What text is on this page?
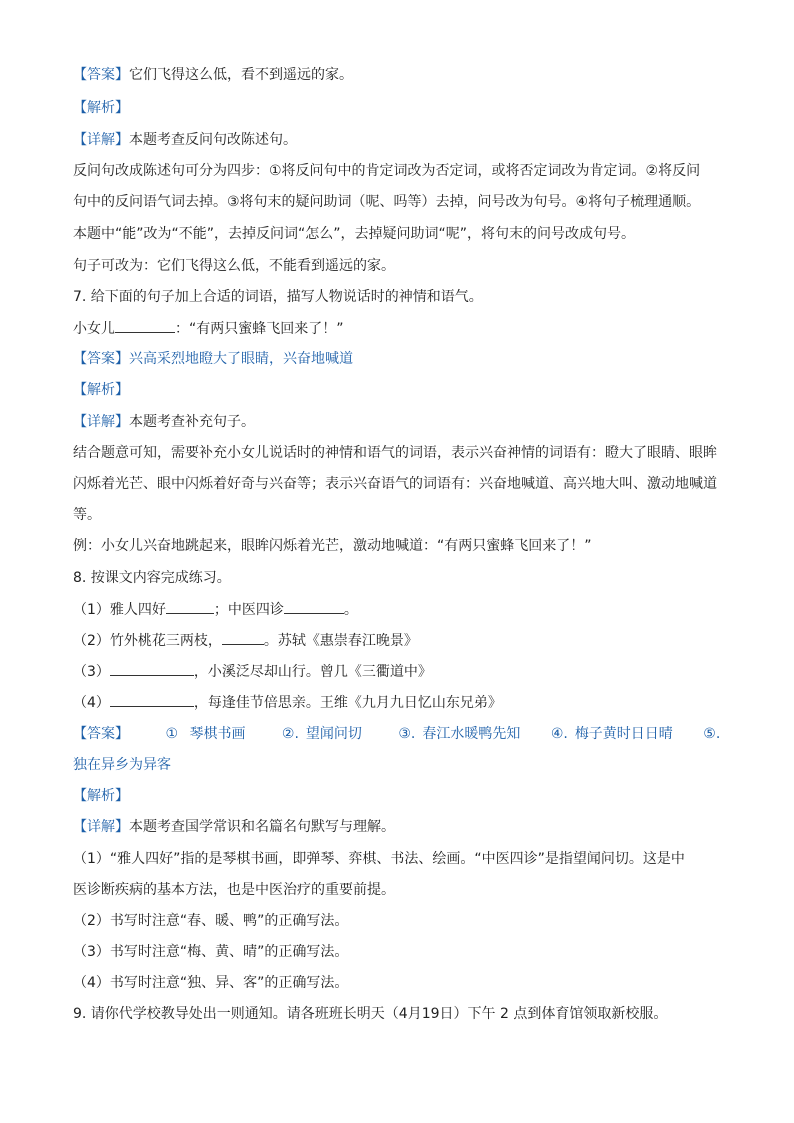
【答案】它们飞得这么低，看不到遥远的家。
【解析】
【详解】本题考查反问句改陈述句。
反问句改成陈述句可分为四步：①将反问句中的肯定词改为否定词，或将否定词改为肯定词。②将反问
句中的反问语气词去掉。③将句末的疑问助词（呢、吗等）去掉，问号改为句号。④将句子梳理通顺。
本题中“能”改为“不能”，去掉反问词“怎么”，去掉疑问助词“呢”，将句末的问号改成句号。
句子可改为：它们飞得这么低，不能看到遥远的家。
7. 给下面的句子加上合适的词语，描写人物说话时的神情和语气。
小女儿	：“有两只蜜蜂飞回来了！”
【答案】兴高采烈地瞪大了眼睛，兴奋地喊道
【解析】
【详解】本题考查补充句子。
结合题意可知，需要补充小女儿说话时的神情和语气的词语，表示兴奋神情的词语有：瞪大了眼睛、眼眸
闪烁着光芒、眼中闪烁着好奇与兴奋等；表示兴奋语气的词语有：兴奋地喊道、高兴地大叫、激动地喊道
等。
例：小女儿兴奋地跳起来，眼眸闪烁着光芒，激动地喊道：“有两只蜜蜂飞回来了！”
8. 按课文内容完成练习。
（1）雅人四好	；中医四诊	。
（2）竹外桃花三两枝，	。苏轼《惠崇春江晚景》
（3）	，小溪泛尽却山行。曾几《三衢道中》
（4）	，每逢佳节倍思亲。王维《九月九日忆山东兄弟》
【答案】	① 琴棋书画	②. 望闻问切	③. 春江水暖鸭先知 ④. 梅子黄时日日晴 ⑤.
独在异乡为异客
【解析】
【详解】本题考查国学常识和名篇名句默写与理解。
（1）“雅人四好”指的是琴棋书画，即弹琴、弈棋、书法、绘画。“中医四诊”是指望闻问切。这是中
医诊断疾病的基本方法，也是中医治疗的重要前提。
（2）书写时注意“春、暖、鸭”的正确写法。
（3）书写时注意“梅、黄、晴”的正确写法。
（4）书写时注意“独、异、客”的正确写法。
9. 请你代学校教导处出一则通知。请各班班长明天（4月19日）下午 2 点到体育馆领取新校服。
